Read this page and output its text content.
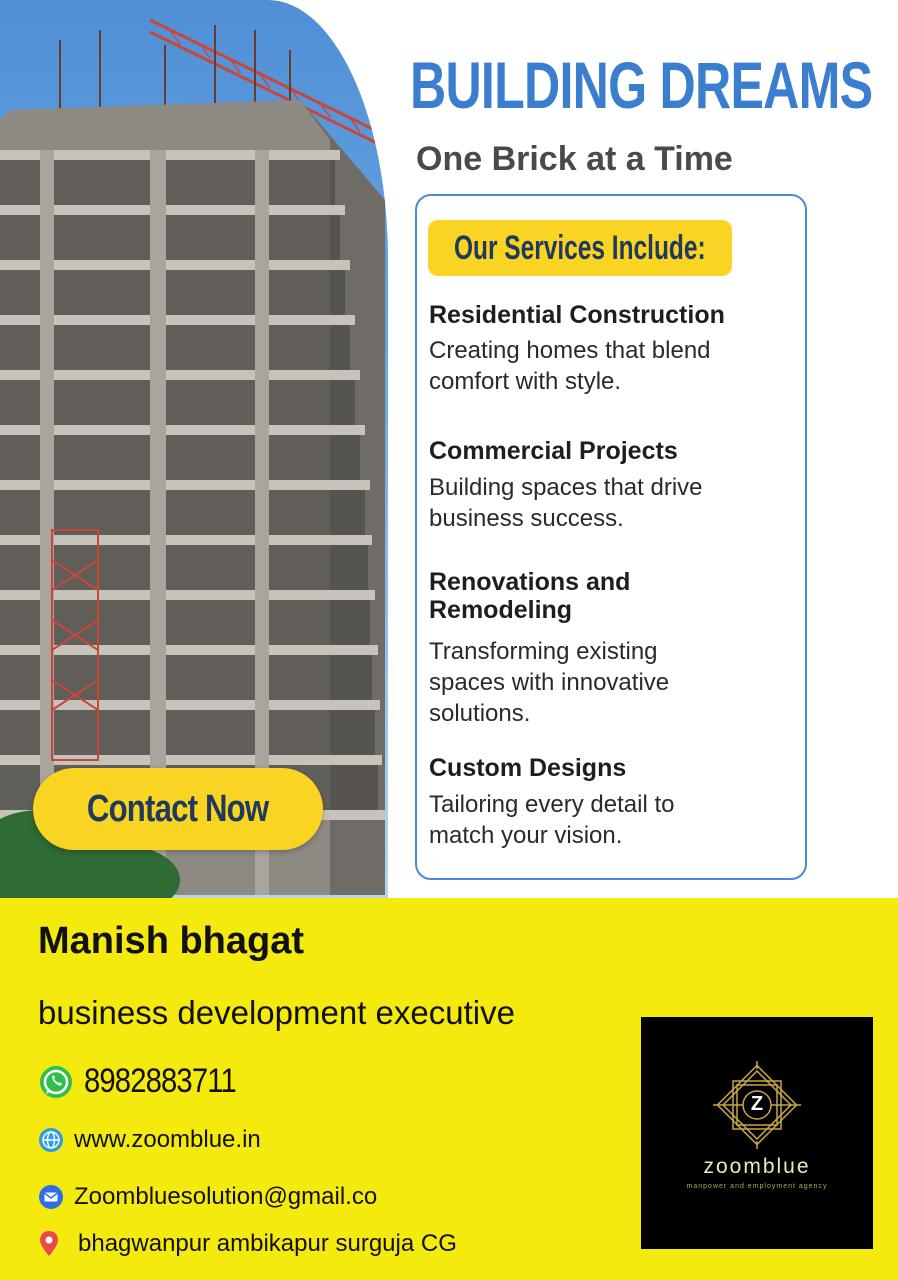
Contact Now
BUILDING DREAMS
One Brick at a Time
Our Services Include:
Residential Construction
Creating homes that blend comfort with style.
Commercial Projects
Building spaces that drive business success.
Renovations and Remodeling
Transforming existing spaces with innovative solutions.
Custom Designs
Tailoring every detail to match your vision.
Manish bhagat
business development executive
8982883711
www.zoomblue.in
Zoombluesolution@gmail.co
bhagwanpur ambikapur surguja CG
Z
zoomblue
manpower and employment agency
